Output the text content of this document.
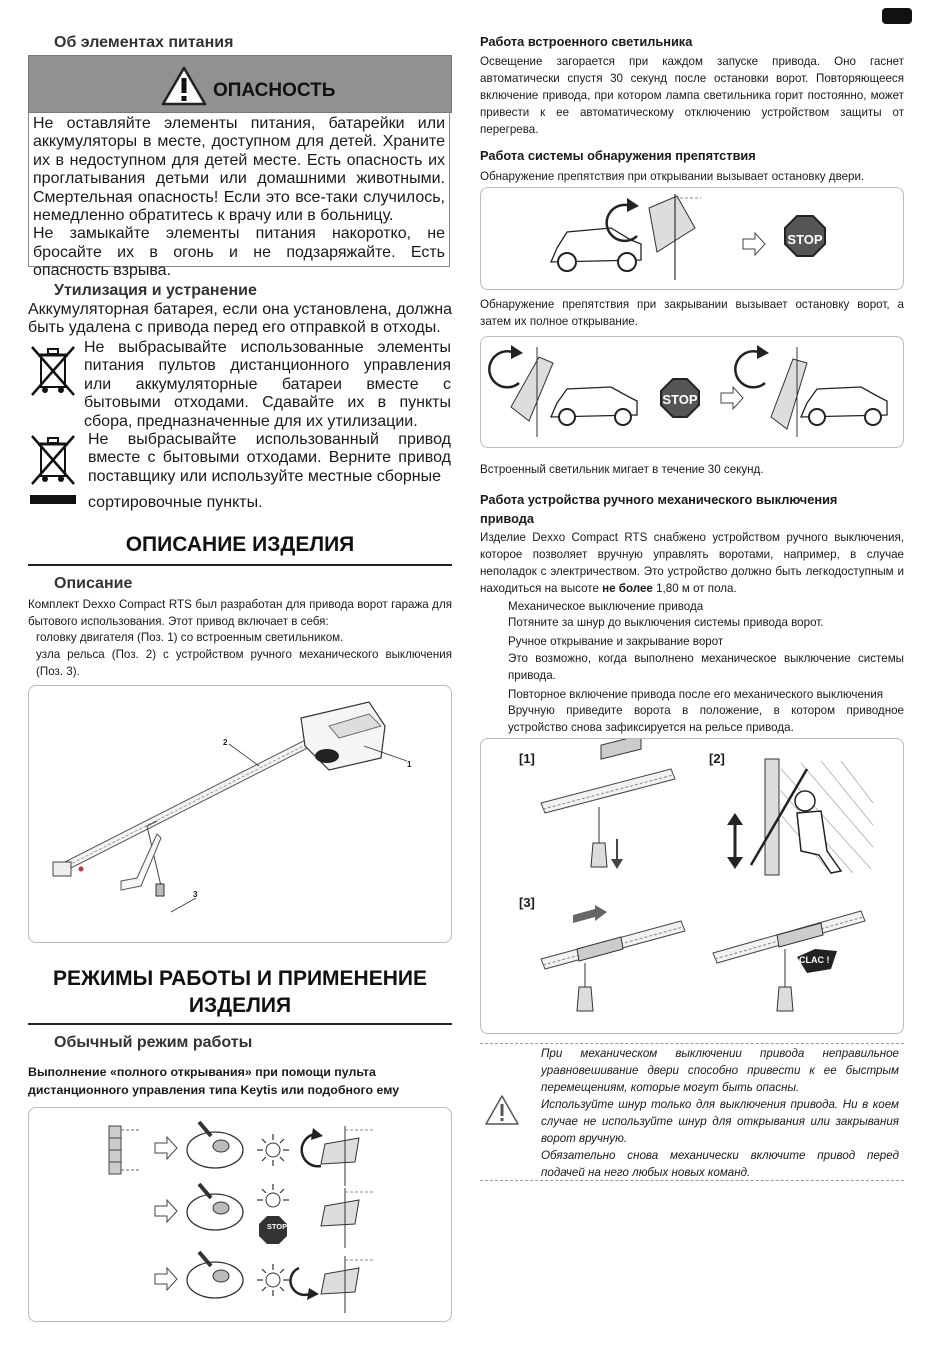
Об элементах питания
ОПАСНОСТЬ
Не оставляйте элементы питания, батарейки или аккумуляторы в месте, доступном для детей. Храните их в недоступном для детей месте. Есть опасность их проглатывания детьми или домашними животными. Смертельная опасность! Если это все-таки случилось, немедленно обратитесь к врачу или в больницу.
Не замыкайте элементы питания накоротко, не бросайте их в огонь и не подзаряжайте. Есть опасность взрыва.
Утилизация и устранение
Аккумуляторная батарея, если она установлена, должна быть удалена с привода перед его отправкой в отходы.
Не выбрасывайте использованные элементы питания пультов дистанционного управления или аккумуляторные батареи вместе с бытовыми отходами. Сдавайте их в пункты сбора, предназначенные для их утилизации.
Не выбрасывайте использованный привод вместе с бытовыми отходами. Верните привод поставщику или используйте местные сборные
сортировочные пункты.
ОПИСАНИЕ ИЗДЕЛИЯ
Описание
Комплект Dexxo Compact RTS был разработан для привода ворот гаража для бытового использования. Этот привод включает в себя:
головку двигателя (Поз. 1) со встроенным светильником.
узла рельса (Поз. 2) с устройством ручного механического выключения (Поз. 3).
1
2
3
РЕЖИМЫ РАБОТЫ И ПРИМЕНЕНИЕ
ИЗДЕЛИЯ
Обычный режим работы
Выполнение «полного открывания» при помощи пульта
дистанционного управления типа Keytis или подобного ему
STOP
Работа встроенного светильника
Освещение загорается при каждом запуске привода. Оно гаснет автоматически спустя 30 секунд после остановки ворот. Повторяющееся включение привода, при котором лампа светильника горит постоянно, может привести к ее автоматическому отключению устройством защиты от перегрева.
Работа системы обнаружения препятствия
Обнаружение препятствия при открывании вызывает остановку двери.
STOP
Обнаружение препятствия при закрывании вызывает остановку ворот, а затем их полное открывание.
STOP
Встроенный светильник мигает в течение 30 секунд.
Работа устройства ручного механического выключения
привода
Изделие Dexxo Compact RTS снабжено устройством ручного выключения, которое позволяет вручную управлять воротами, например, в случае неполадок с электричеством. Это устройство должно быть легкодоступным и находиться на высоте не более 1,80 м от пола.
Механическое выключение привода
Потяните за шнур до выключения системы привода ворот.
Ручное открывание и закрывание ворот
Это возможно, когда выполнено механическое выключение системы привода.
Повторное включение привода после его механического выключения
Вручную приведите ворота в положение, в котором приводное устройство снова зафиксируется на рельсе привода.
[1]	[2]
[3]
CLAC !
При механическом выключении привода неправильное уравновешивание двери способно привести к ее быстрым перемещениям, которые могут быть опасны.
Используйте шнур только для выключения привода. Ни в коем случае не используйте шнур для открывания или закрывания ворот вручную.
Обязательно снова механически включите привод перед подачей на него любых новых команд.
